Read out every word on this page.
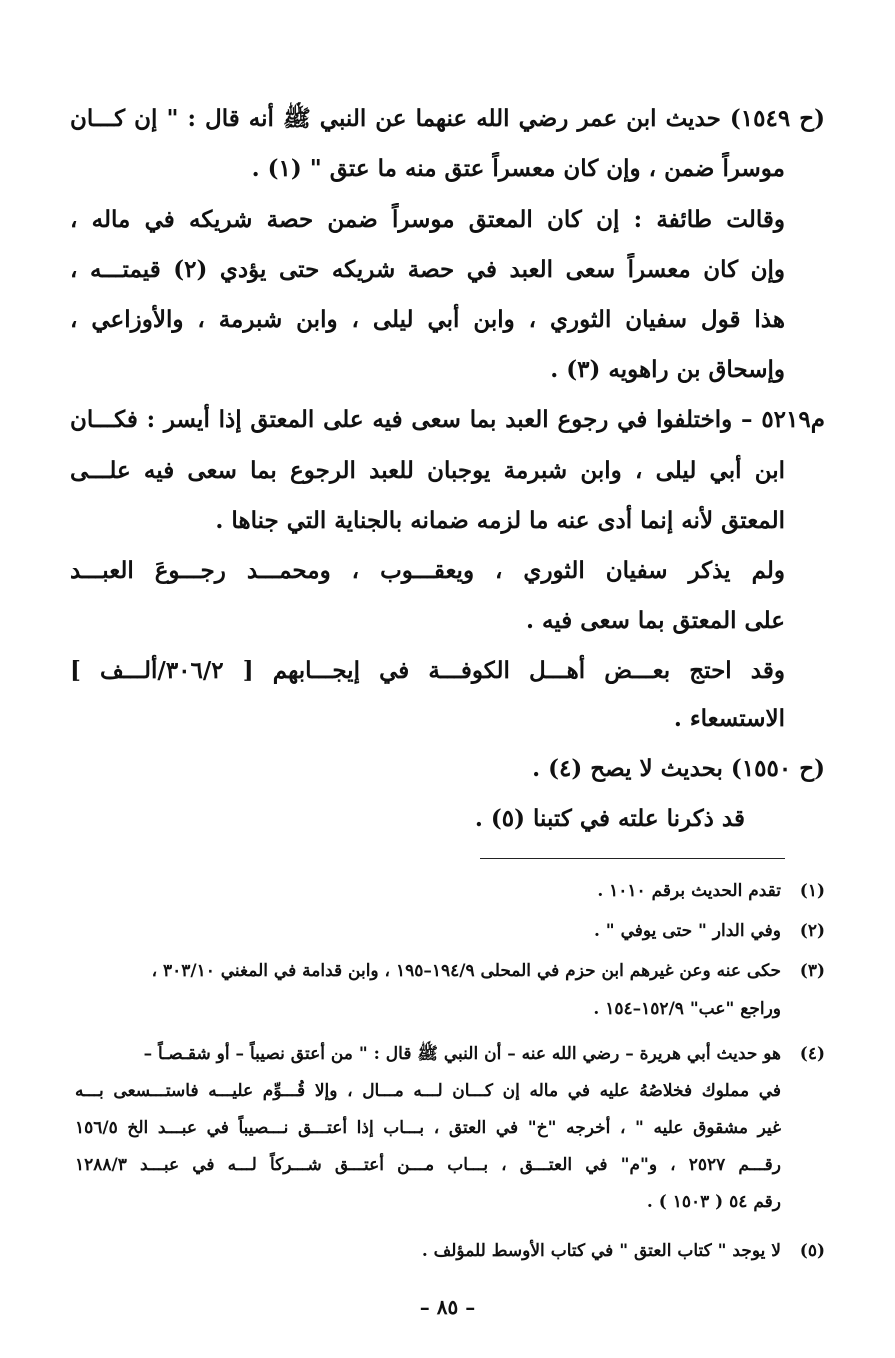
(ح ١٥٤٩) حديث ابن عمر رضي الله عنهما عن النبي ﷺ أنه قال : " إن كـــان
موسراً ضمن ، وإن كان معسراً عتق منه ما عتق " (١) .
وقالت طائفة : إن كان المعتق موسراً ضمن حصة شريكه في ماله ،
وإن كان معسراً سعى العبد في حصة شريكه حتى يؤدي (٢) قيمتـــه ،
هذا قول سفيان الثوري ، وابن أبي ليلى ، وابن شبرمة ، والأوزاعي ،
وإسحاق بن راهويه (٣) .
م٥٢١٩ – واختلفوا في رجوع العبد بما سعى فيه على المعتق إذا أيسر : فكـــان
ابن أبي ليلى ، وابن شبرمة يوجبان للعبد الرجوع بما سعى فيه علـــى
المعتق لأنه إنما أدى عنه ما لزمه ضمانه بالجناية التي جناها .
ولم يذكر سفيان الثوري ، ويعقـــوب ، ومحمـــد رجـــوعَ العبـــد
على المعتق بما سعى فيه .
وقد احتج بعـــض أهـــل الكوفـــة في إيجـــابهم [ ٣٠٦/٢/ألـــف ]
الاستسعاء .
(ح ١٥٥٠) بحديث لا يصح (٤) .
قد ذكرنا علته في كتبنا (٥) .
(١)تقدم الحديث برقم ١٠١٠ .
(٢)وفي الدار " حتى يوفي " .
(٣)حكى عنه وعن غيرهم ابن حزم في المحلى ١٩٤/٩–١٩٥ ، وابن قدامة في المغني ٣٠٣/١٠ ،
وراجع "عب" ١٥٢/٩–١٥٤ .
(٤)هو حديث أبي هريرة – رضي الله عنه – أن النبي ﷺ قال : " من أعتق نصيباً – أو شقـصـاً –
في مملوك فخلاصُهُ عليه في ماله إن كـــان لـــه مـــال ، وإلا قُـــوِّم عليـــه فاستـــسعى بـــه
غير مشقوق عليه " ، أخرجه "خ" في العتق ، بـــاب إذا أعتـــق نـــصيباً في عبـــد الخ ١٥٦/٥
رقـــم ٢٥٢٧ ، و"م" في العتـــق ، بـــاب مـــن أعتـــق شـــركاً لـــه في عبـــد ١٢٨٨/٣
رقم ٥٤ ( ١٥٠٣ ) .
(٥)لا يوجد " كتاب العتق " في كتاب الأوسط للمؤلف .
– ٨٥ –
